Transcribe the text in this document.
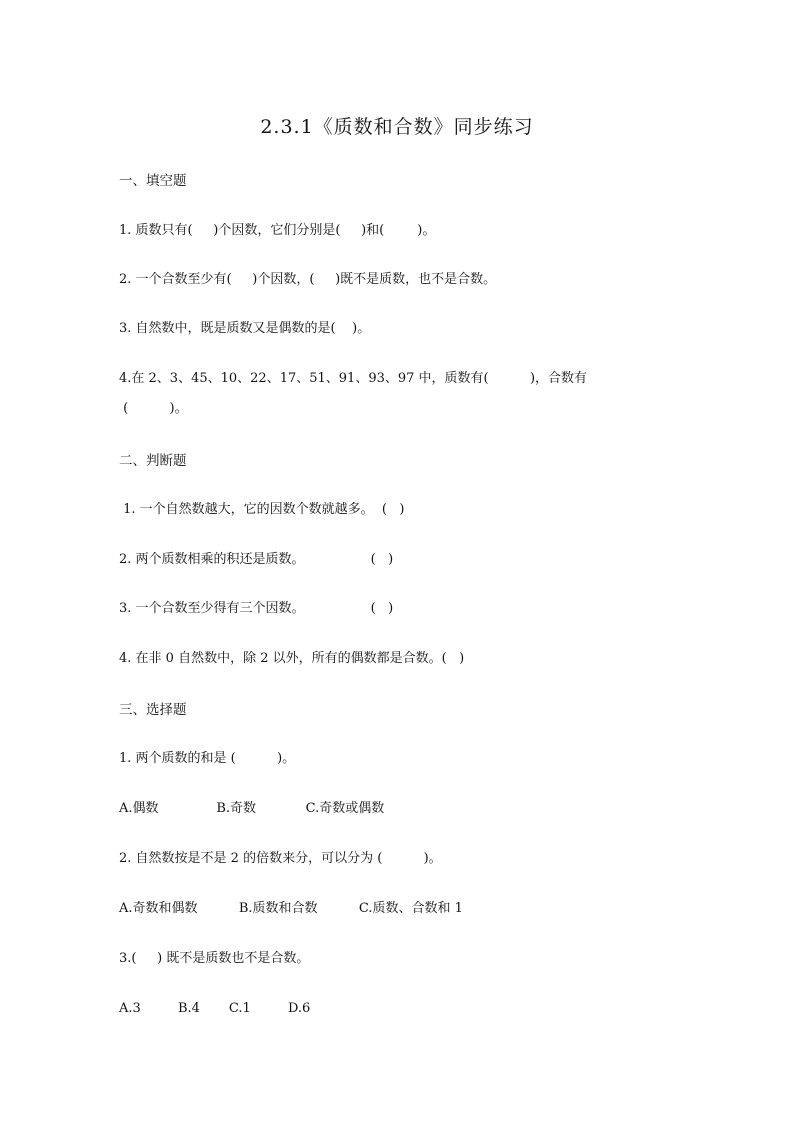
2.3.1《质数和合数》同步练习
一、填空题
1. 质数只有(     )个因数，它们分别是(     )和(        )。
2. 一个合数至少有(     )个因数，(     )既不是质数，也不是合数。
3. 自然数中，既是质数又是偶数的是(    )。
4.在 2、3、45、10、22、17、51、91、93、97 中，质数有(          )，合数有
(          )。
二、判断题
1. 一个自然数越大，它的因数个数就越多。  (   )
2. 两个质数相乘的积还是质数。                (   )
3. 一个合数至少得有三个因数。                (   )
4. 在非 0 自然数中，除 2 以外，所有的偶数都是合数。(   )
三、选择题
1. 两个质数的和是 (          )。
A.偶数              B.奇数            C.奇数或偶数
2. 自然数按是不是 2 的倍数来分，可以分为 (          )。
A.奇数和偶数          B.质数和合数          C.质数、合数和 1
3.(     ) 既不是质数也不是合数。
A.3         B.4       C.1         D.6
